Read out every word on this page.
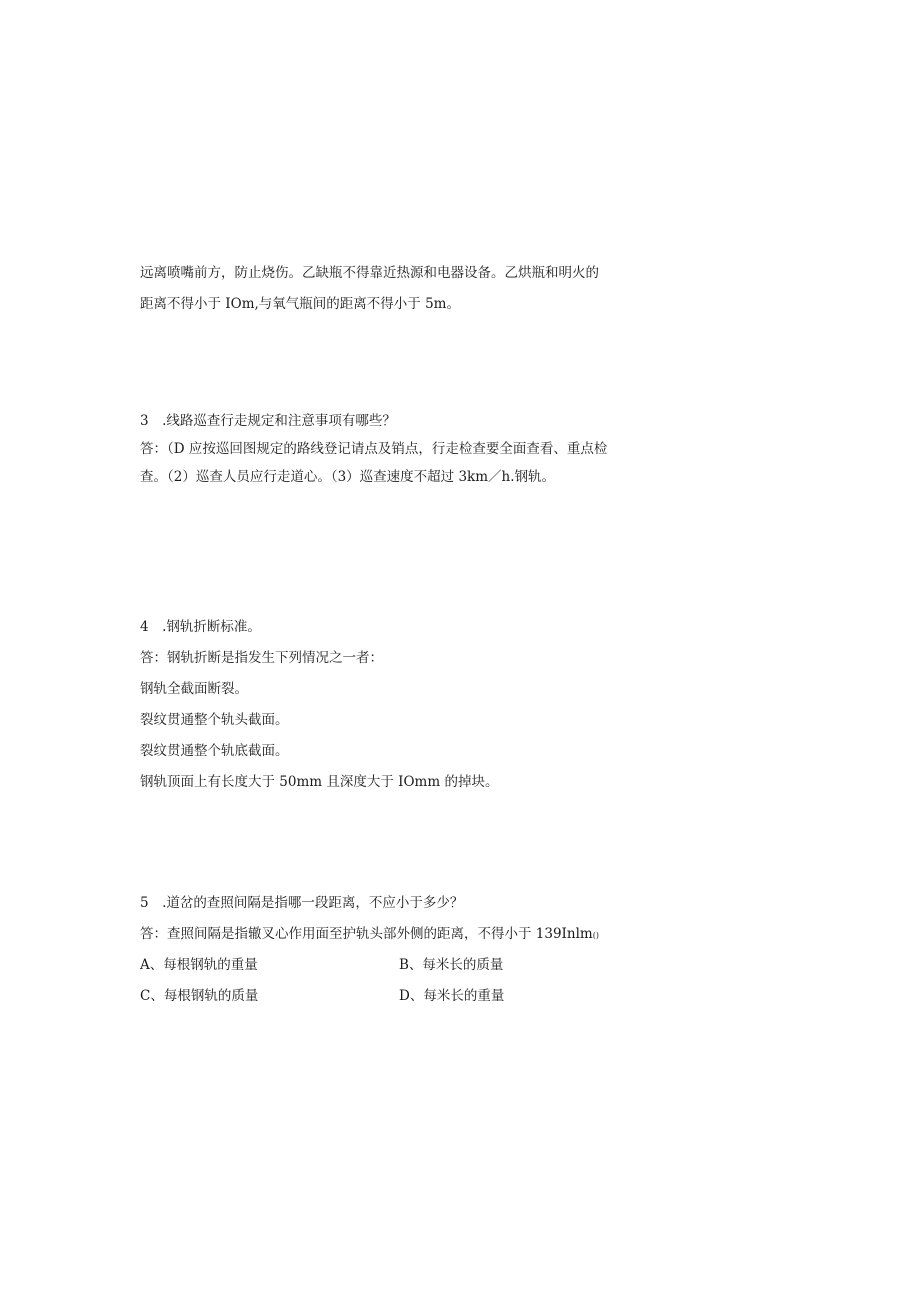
远离喷嘴前方，防止烧伤。乙缺瓶不得靠近热源和电器设备。乙烘瓶和明火的
距离不得小于 IOm,与氧气瓶间的距离不得小于 5m。
3　.线路巡查行走规定和注意事项有哪些？
答：（D 应按巡回图规定的路线登记请点及销点，行走检查要全面查看、重点检
查。（2）巡查人员应行走道心。（3）巡查速度不超过 3km／h.钢轨。
4　.钢轨折断标准。
答：钢轨折断是指发生下列情况之一者：
钢轨全截面断裂。
裂纹贯通整个轨头截面。
裂纹贯通整个轨底截面。
钢轨顶面上有长度大于 50mm 且深度大于 IOmm 的掉块。
5　.道岔的查照间隔是指哪一段距离，不应小于多少？
答：查照间隔是指辙叉心作用面至护轨头部外侧的距离，不得小于 139Inlm()
A、每根钢轨的重量	B、每米长的质量
C、每根钢轨的质量	D、每米长的重量
